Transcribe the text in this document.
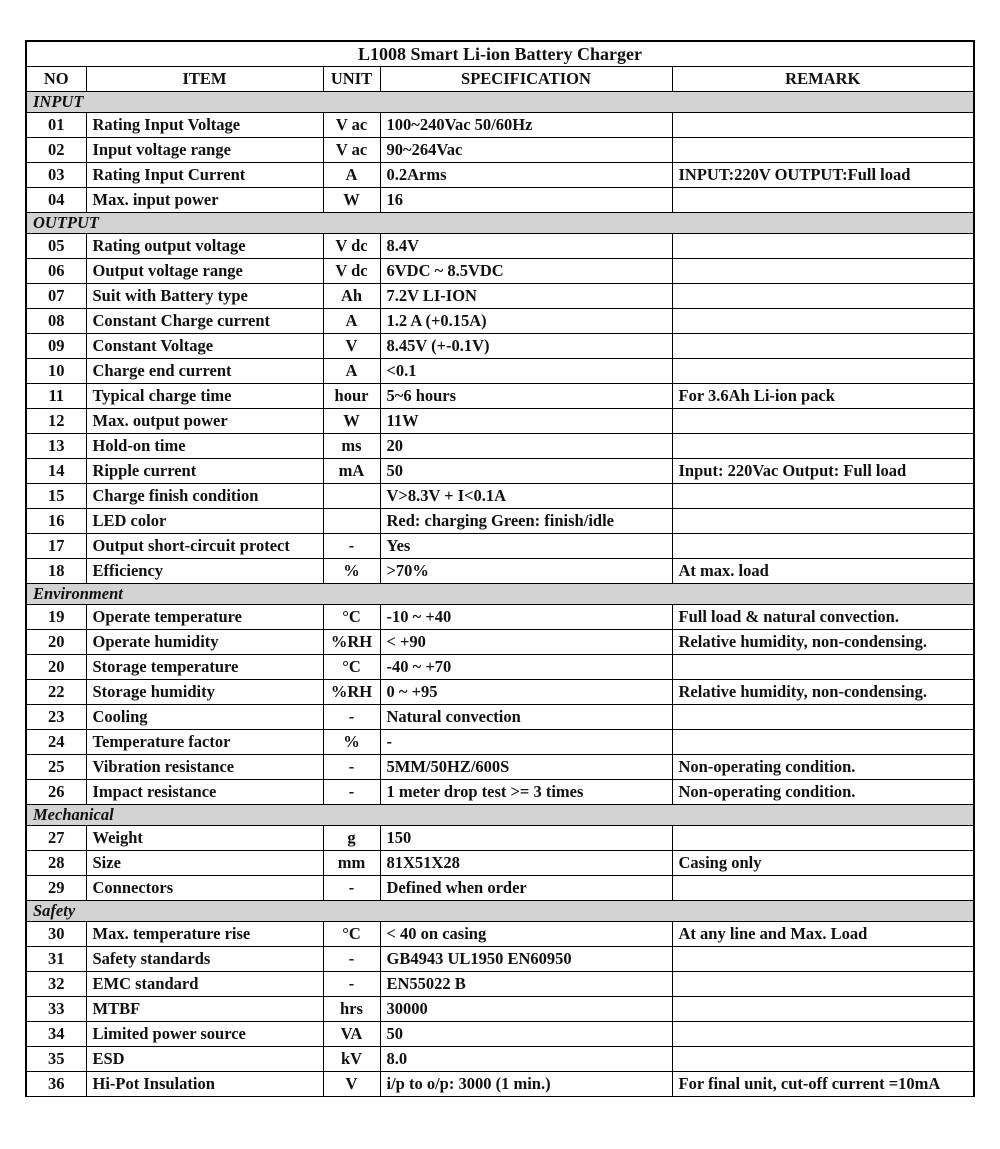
L1008 Smart Li-ion Battery Charger				
NO	ITEM	UNIT	SPECIFICATION	REMARK
INPUT				
01	Rating Input Voltage	V ac	100~240Vac 50/60Hz	
02	Input voltage range	V ac	90~264Vac	
03	Rating Input Current	A	0.2Arms	INPUT:220V OUTPUT:Full load
04	Max. input power	W	16	
OUTPUT				
05	Rating output voltage	V dc	8.4V	
06	Output voltage range	V dc	6VDC ~ 8.5VDC	
07	Suit with Battery type	Ah	7.2V LI-ION	
08	Constant Charge current	A	1.2 A (+0.15A)	
09	Constant Voltage	V	8.45V (+-0.1V)	
10	Charge end current	A	<0.1	
11	Typical charge time	hour	5~6 hours	For 3.6Ah Li-ion pack
12	Max. output power	W	11W	
13	Hold-on time	ms	20	
14	Ripple current	mA	50	Input: 220Vac Output: Full load
15	Charge finish condition		V>8.3V + I<0.1A	
16	LED color		Red: charging Green: finish/idle	
17	Output short-circuit protect	-	Yes	
18	Efficiency	%	>70%	At max. load
Environment				
19	Operate temperature	°C	-10 ~ +40	Full load & natural convection.
20	Operate humidity	%RH	< +90	Relative humidity, non-condensing.
20	Storage temperature	°C	-40 ~ +70	
22	Storage humidity	%RH	0 ~ +95	Relative humidity, non-condensing.
23	Cooling	-	Natural convection	
24	Temperature factor	%	-	
25	Vibration resistance	-	5MM/50HZ/600S	Non-operating condition.
26	Impact resistance	-	1 meter drop test >= 3 times	Non-operating condition.
Mechanical				
27	Weight	g	150	
28	Size	mm	81X51X28	Casing only
29	Connectors	-	Defined when order	
Safety				
30	Max. temperature rise	°C	< 40 on casing	At any line and Max. Load
31	Safety standards	-	GB4943 UL1950 EN60950	
32	EMC standard	-	EN55022 B	
33	MTBF	hrs	30000	
34	Limited power source	VA	50	
35	ESD	kV	8.0	
36	Hi-Pot Insulation	V	i/p to o/p: 3000 (1 min.)	For final unit, cut-off current =10mA
